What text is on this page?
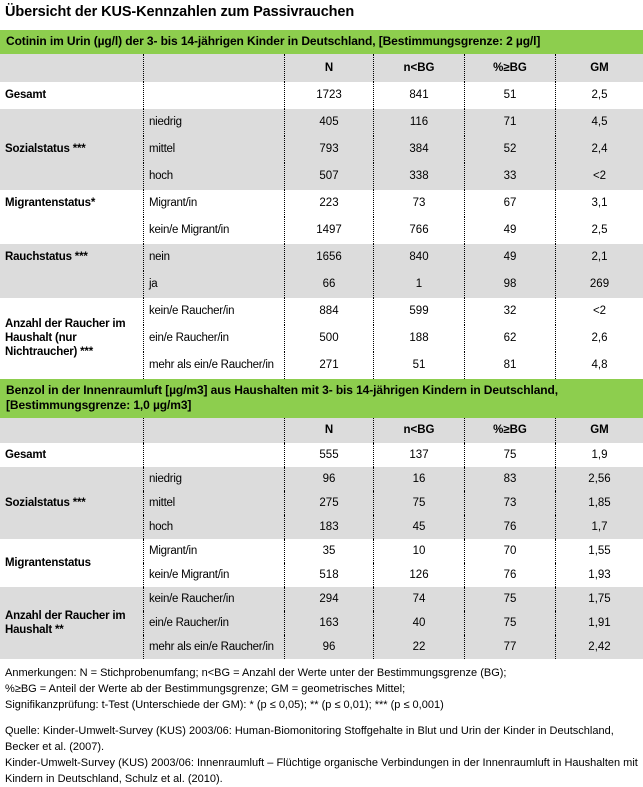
Übersicht der KUS-Kennzahlen zum Passivrauchen
Cotinin im Urin (µg/l) der 3- bis 14-jährigen Kinder in Deutschland, [Bestimmungsgrenze: 2 µg/l]
N	n<BG	%≥BG	GM
Gesamt	1723	841	51	2,5
Sozialstatus ***
niedrig	405	116	71	4,5
mittel	793	384	52	2,4
hoch	507	338	33	<2
Migrantenstatus*	Migrant/in	223	73	67	3,1
kein/e Migrant/in	1497	766	49	2,5
Rauchstatus ***	nein	1656	840	49	2,1
ja	66	1	98	269
Anzahl der Raucher im Haushalt (nur Nichtraucher) ***
kein/e Raucher/in	884	599	32	<2
ein/e Raucher/in	500	188	62	2,6
mehr als ein/e Raucher/in	271	51	81	4,8
Benzol in der Innenraumluft [µg/m3] aus Haushalten mit 3- bis 14-jährigen Kindern in Deutschland, [Bestimmungsgrenze: 1,0 µg/m3]
N	n<BG	%≥BG	GM
Gesamt	555	137	75	1,9
Sozialstatus ***
niedrig	96	16	83	2,56
mittel	275	75	73	1,85
hoch	183	45	76	1,7
Migrantenstatus
Migrant/in	35	10	70	1,55
kein/e Migrant/in	518	126	76	1,93
Anzahl der Raucher im Haushalt **
kein/e Raucher/in	294	74	75	1,75
ein/e Raucher/in	163	40	75	1,91
mehr als ein/e Raucher/in	96	22	77	2,42
Anmerkungen: N = Stichprobenumfang; n<BG = Anzahl der Werte unter der Bestimmungsgrenze (BG);
%≥BG = Anteil der Werte ab der Bestimmungsgrenze; GM = geometrisches Mittel;
Signifikanzprüfung: t-Test (Unterschiede der GM): * (p ≤ 0,05); ** (p ≤ 0,01); *** (p ≤ 0,001)

Quelle: Kinder-Umwelt-Survey (KUS) 2003/06: Human-Biomonitoring Stoffgehalte in Blut und Urin der Kinder in Deutschland, Becker et al. (2007).

Kinder-Umwelt-Survey (KUS) 2003/06: Innenraumluft – Flüchtige organische Verbindungen in der Innenraumluft in Haushalten mit Kindern in Deutschland, Schulz et al. (2010).
